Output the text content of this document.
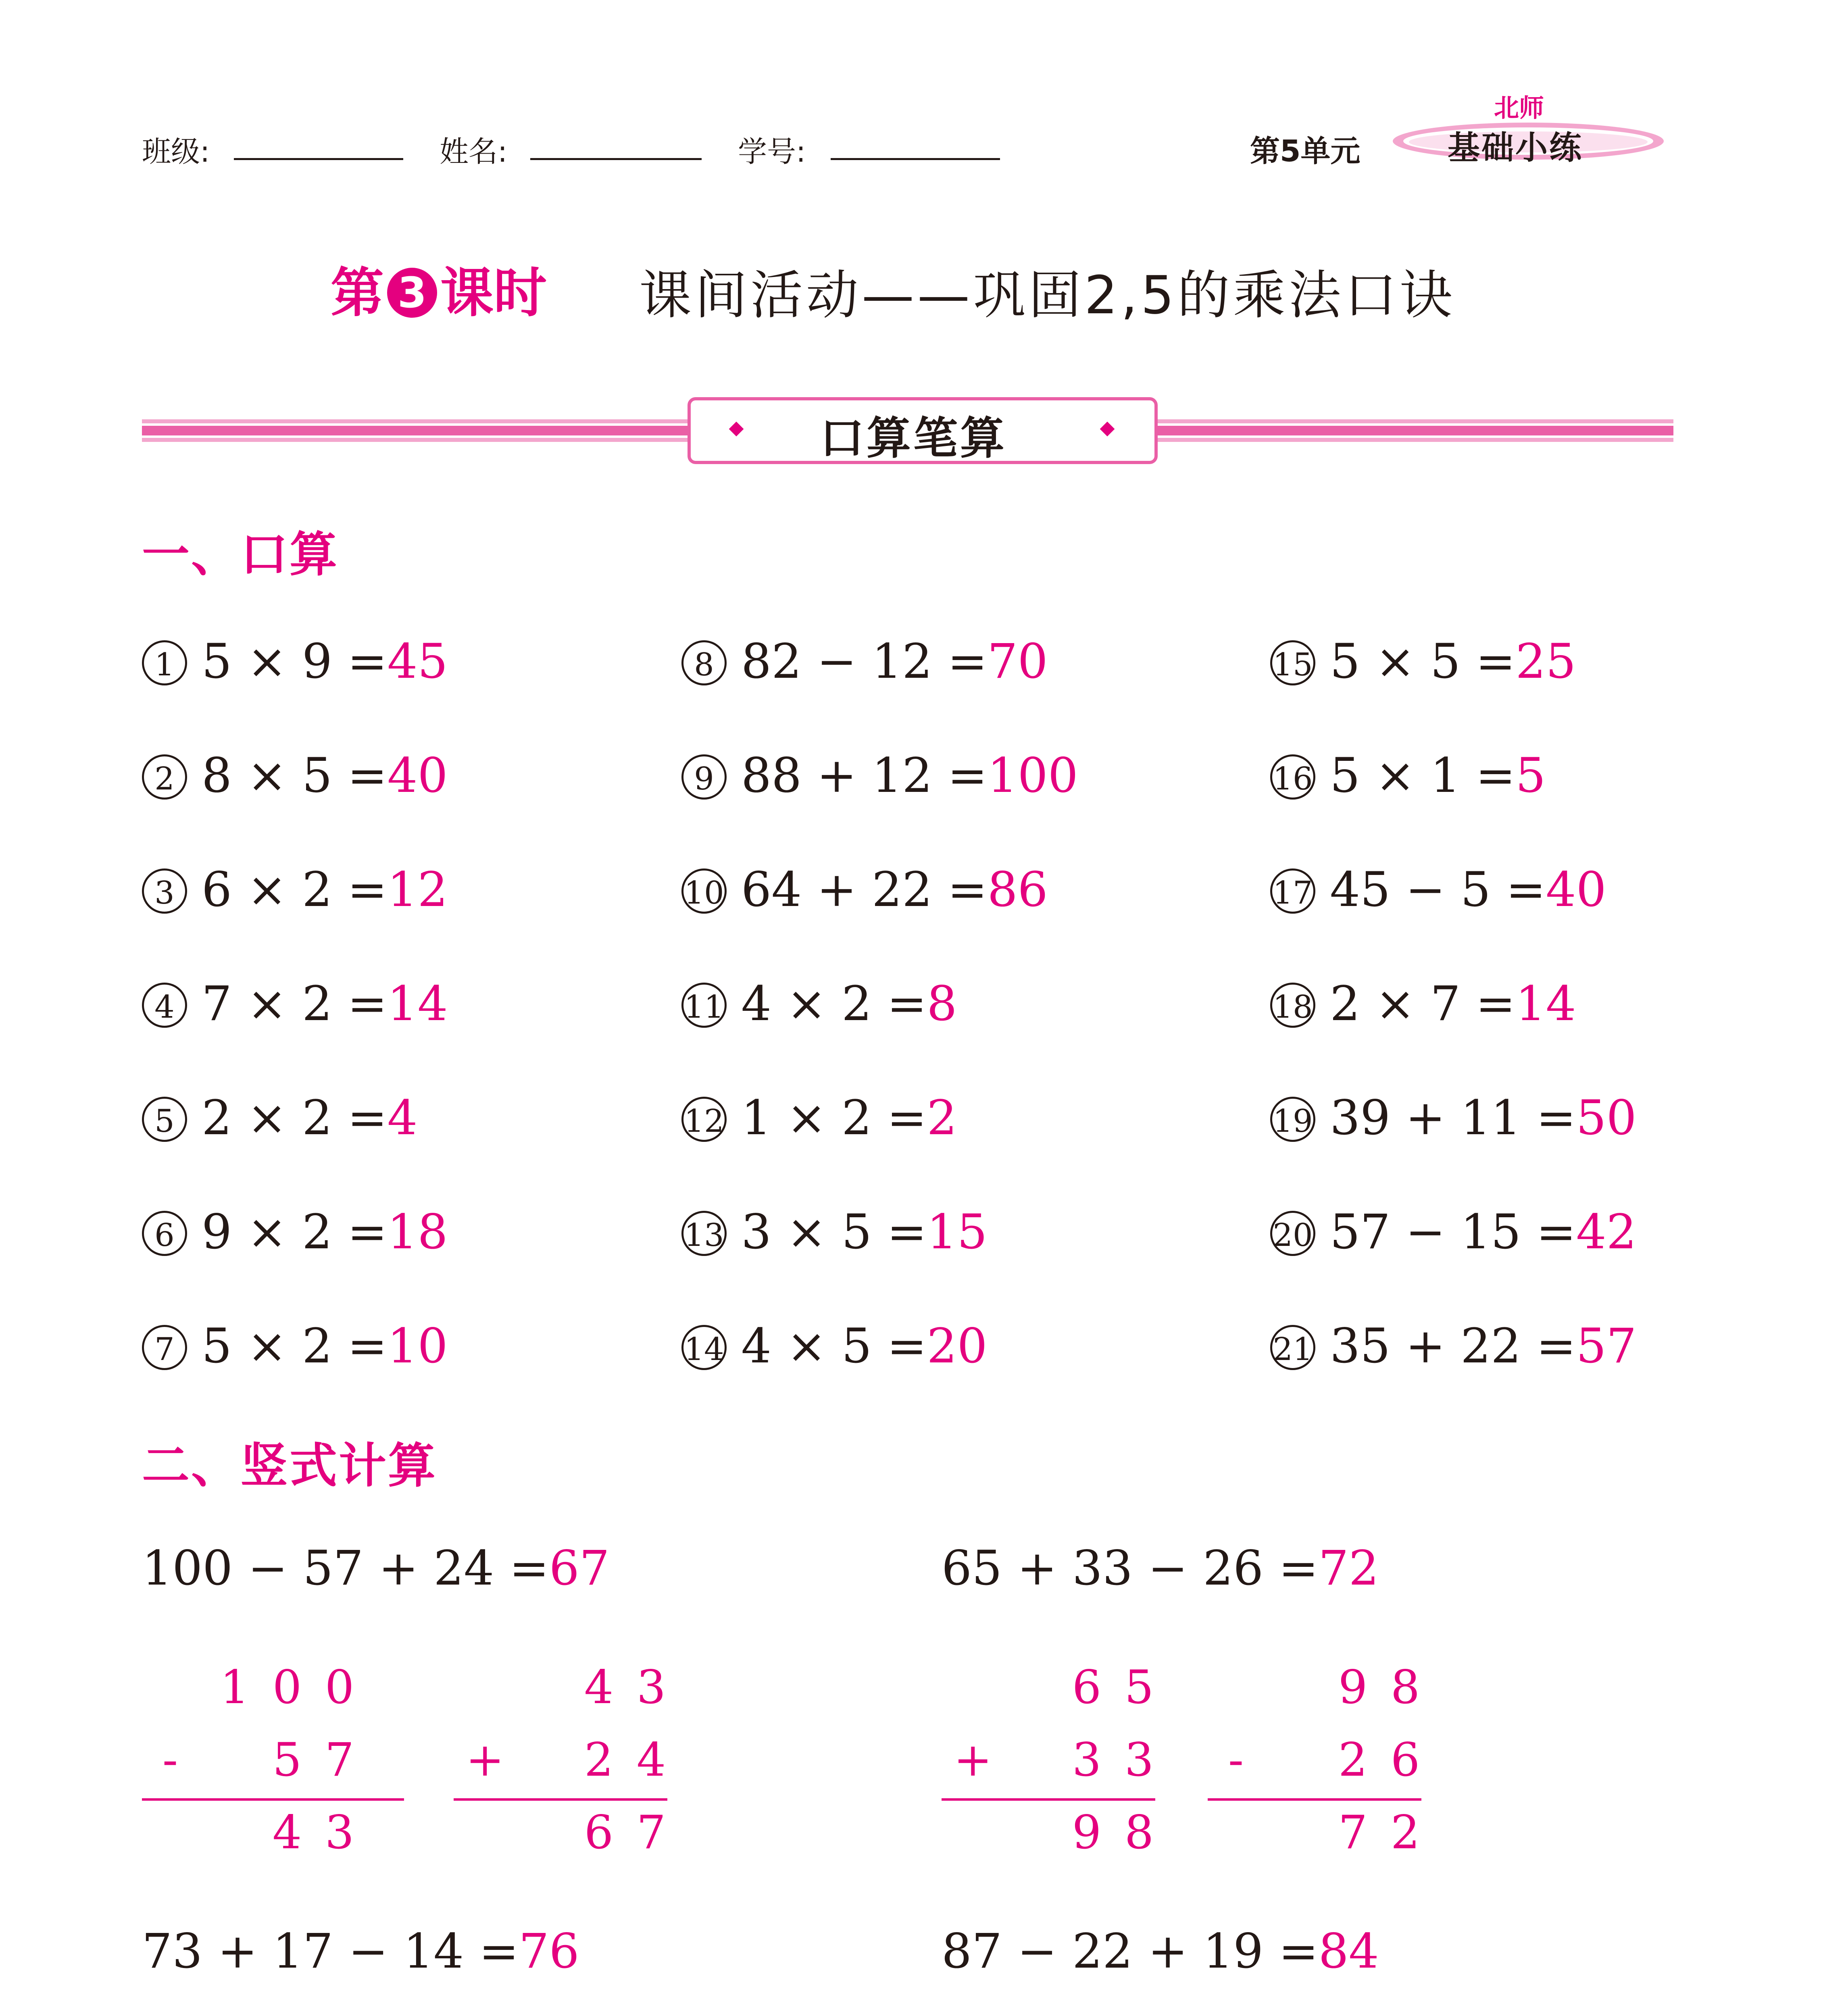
班级:	姓名:	学号:	第5单元
北师
基础小练
第 3 课时 课间活动——巩固2,5的乘法口诀
口算笔算
一、口算
1 5 × 9 =45
2 8 × 5 =40
3 6 × 2 =12
4 7 × 2 =14
5 2 × 2 =4
6 9 × 2 =18
7 5 × 2 =10
8 82 − 12 =70
9 88 + 12 =100
10 64 + 22 =86
11 4 × 2 =8
12 1 × 2 =2
13 3 × 5 =15
14 4 × 5 =20
15 5 × 5 =25
16 5 × 1 =5
17 45 − 5 =40
18 2 × 7 =14
19 39 + 11 =50
20 57 − 15 =42
21 35 + 22 =57
二、竖式计算
100 − 57 + 24 =67
1 0 0
- 5 7
4 3
4 3
+ 2 4
6 7
65 + 33 − 26 =72
6 5
+ 3 3
9 8
9 8
- 2 6
7 2
73 + 17 − 14 =76	87 − 22 + 19 =84
